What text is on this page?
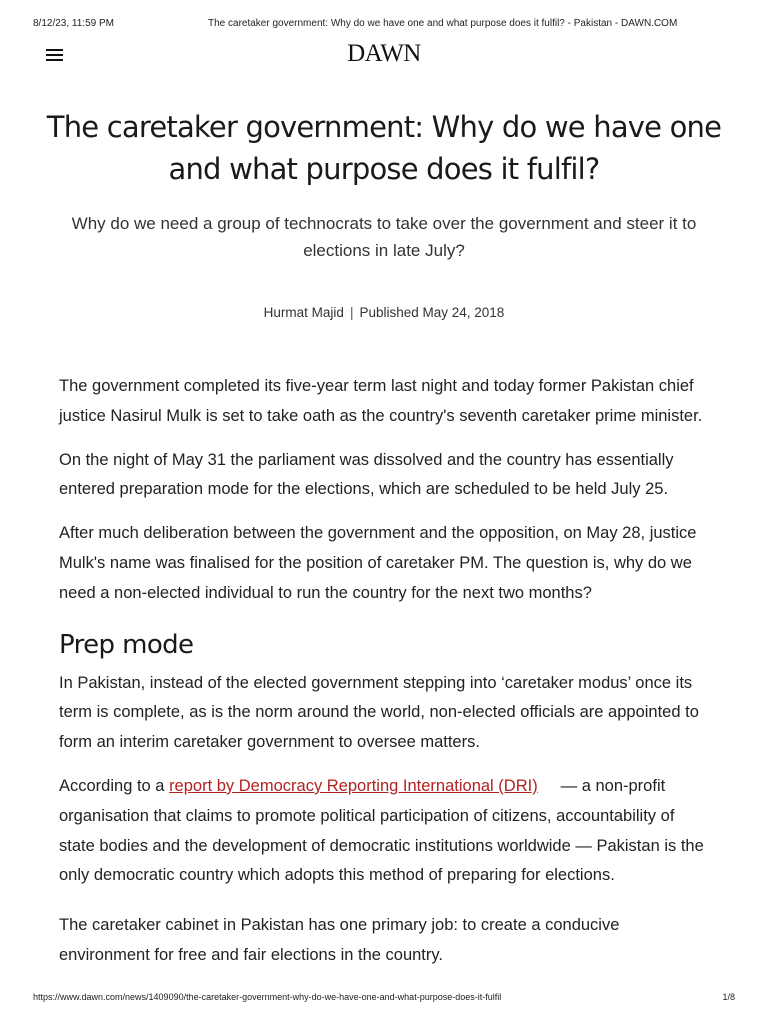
8/12/23, 11:59 PM	The caretaker government: Why do we have one and what purpose does it fulfil? - Pakistan - DAWN.COM
DAWN
The caretaker government: Why do we have one and what purpose does it fulfil?
Why do we need a group of technocrats to take over the government and steer it to elections in late July?
Hurmat Majid | Published May 24, 2018

The government completed its five-year term last night and today former Pakistan chief justice Nasirul Mulk is set to take oath as the country's seventh caretaker prime minister.

On the night of May 31 the parliament was dissolved and the country has essentially entered preparation mode for the elections, which are scheduled to be held July 25.

After much deliberation between the government and the opposition, on May 28, justice Mulk's name was finalised for the position of caretaker PM. The question is, why do we need a non-elected individual to run the country for the next two months?

Prep mode

In Pakistan, instead of the elected government stepping into ‘caretaker modus’ once its term is complete, as is the norm around the world, non-elected officials are appointed to form an interim caretaker government to oversee matters.

According to a report by Democracy Reporting International (DRI)     — a non-profit organisation that claims to promote political participation of citizens, accountability of state bodies and the development of democratic institutions worldwide — Pakistan is the only democratic country which adopts this method of preparing for elections.

The caretaker cabinet in Pakistan has one primary job: to create a conducive environment for free and fair elections in the country.

https://www.dawn.com/news/1409090/the-caretaker-government-why-do-we-have-one-and-what-purpose-does-it-fulfil	1/8
